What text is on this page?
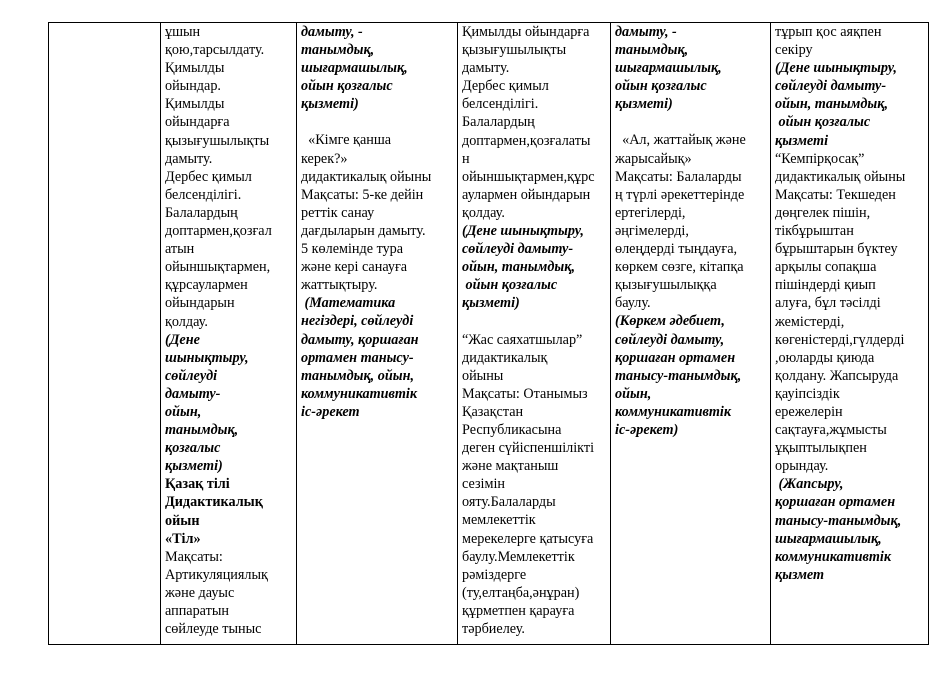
ұшын
қою,тарсылдату.
Қимылды
ойындар.
Қимылды
ойындарға
қызығушылықты
дамыту.
Дербес қимыл
белсенділігі.
Балалардың
доптармен,қозғал
атын
ойыншықтармен,
құрсаулармен
ойындарын
қолдау.
(Дене
шынықтыру,
сөйлеуді
дамыту-
ойын,
танымдық,
қозғалыс
қызметі)
Қазақ тілі
Дидактикалық
ойын
«Тіл»
Мақсаты:
Артикуляциялық
және дауыс
аппаратын
сөйлеуде тыныс

дамыту, -
танымдық,
шығармашылық,
ойын қозғалыс
қызметі)
«Кімге қанша
керек?»
дидактикалық ойыны
Мақсаты: 5-ке дейін
реттік санау
дағдыларын дамыту.
5 көлемінде тура
және кері санауға
жаттықтыру.
(Математика
негіздері, сөйлеуді
дамыту, қоршаған
ортамен танысу-
танымдық, ойын,
коммуникативтік
іс-әрекет

Қимылды ойындарға
қызығушылықты
дамыту.
Дербес қимыл
белсенділігі.
Балалардың
доптармен,қозғалаты
н
ойыншықтармен,құрс
аулармен ойындарын
қолдау.
(Дене шынықтыру,
сөйлеуді дамыту-
ойын, танымдық,
ойын қозғалыс
қызметі)
“Жас саяхатшылар”
дидактикалық
ойыны
Мақсаты: Отанымыз
Қазақстан
Республикасына
деген сүйіспеншілікті
және мақтаныш
сезімін
ояту.Балаларды
мемлекеттік
мерекелерге қатысуға
баулу.Мемлекеттік
рәміздерге
(ту,елтаңба,әнұран)
құрметпен қарауға
тәрбиелеу.

дамыту, -
танымдық,
шығармашылық,
ойын қозғалыс
қызметі)
«Ал, жаттайық және
жарысайық»
Мақсаты: Балаларды
ң түрлі әрекеттерінде
ертегілерді,
әңгімелерді,
өлеңдерді тыңдауға,
көркем сөзге, кітапқа
қызығушылыққа
баулу.
(Көркем әдебиет,
сөйлеуді дамыту,
қоршаған ортамен
танысу-танымдық,
ойын,
коммуникативтік
іс-әрекет)

тұрып қос аяқпен
секіру
(Дене шынықтыру,
сөйлеуді дамыту-
ойын, танымдық,
ойын қозғалыс
қызметі
“Кемпірқосақ”
дидактикалық ойыны
Мақсаты: Текшеден
дөңгелек пішін,
тікбұрыштан
бұрыштарын бүктеу
арқылы сопақша
пішіндерді қиып
алуға, бұл тәсілді
жемістерді,
көгеністерді,гүлдерді
,оюларды қиюда
қолдану. Жапсыруда
қауіпсіздік
ережелерін
сақтауға,жұмысты
ұқыптылықпен
орындау.
(Жапсыру,
қоршаған ортамен
танысу-танымдық,
шығармашылық,
коммуникативтік
қызмет
